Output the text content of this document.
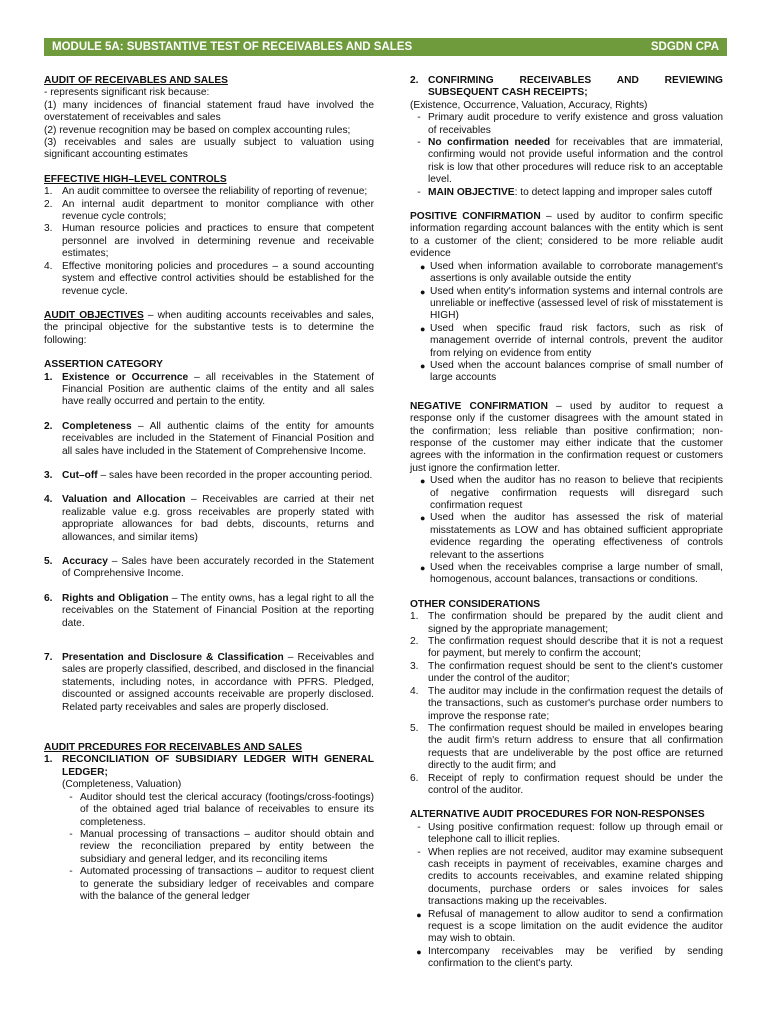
MODULE 5A: SUBSTANTIVE TEST OF RECEIVABLES AND SALES	SDGDN CPA

AUDIT OF RECEIVABLES AND SALES

- represents significant risk because:

(1) many incidences of financial statement fraud have involved the overstatement of receivables and sales

(2) revenue recognition may be based on complex accounting rules;

(3) receivables and sales are usually subject to valuation using significant accounting estimates

EFFECTIVE HIGH–LEVEL CONTROLS

1. An audit committee to oversee the reliability of reporting of revenue;
2. An internal audit department to monitor compliance with other revenue cycle controls;
3. Human resource policies and practices to ensure that competent personnel are involved in determining revenue and receivable estimates;
4. Effective monitoring policies and procedures – a sound accounting system and effective control activities should be established for the revenue cycle.

AUDIT OBJECTIVES – when auditing accounts receivables and sales, the principal objective for the substantive tests is to determine the following:

ASSERTION CATEGORY

1. Existence or Occurrence – all receivables in the Statement of Financial Position are authentic claims of the entity and all sales have really occurred and pertain to the entity.
2. Completeness – All authentic claims of the entity for amounts receivables are included in the Statement of Financial Position and all sales have included in the Statement of Comprehensive Income.
3. Cut–off – sales have been recorded in the proper accounting period.
4. Valuation and Allocation – Receivables are carried at their net realizable value e.g. gross receivables are properly stated with appropriate allowances for bad debts, discounts, returns and allowances, and similar items)
5. Accuracy – Sales have been accurately recorded in the Statement of Comprehensive Income.
6. Rights and Obligation – The entity owns, has a legal right to all the receivables on the Statement of Financial Position at the reporting date.
7. Presentation and Disclosure & Classification – Receivables and sales are properly classified, described, and disclosed in the financial statements, including notes, in accordance with PFRS. Pledged, discounted or assigned accounts receivable are properly disclosed. Related party receivables and sales are properly disclosed.

AUDIT PRCEDURES FOR RECEIVABLES AND SALES

1. RECONCILIATION OF SUBSIDIARY LEDGER WITH GENERAL LEDGER;

(Completeness, Valuation)

- Auditor should test the clerical accuracy (footings/cross-footings) of the obtained aged trial balance of receivables to ensure its completeness.
- Manual processing of transactions – auditor should obtain and review the reconciliation prepared by entity between the subsidiary and general ledger, and its reconciling items
- Automated processing of transactions – auditor to request client to generate the subsidiary ledger of receivables and compare with the balance of the general ledger
2. CONFIRMING RECEIVABLES AND REVIEWING SUBSEQUENT CASH RECEIPTS;

(Existence, Occurrence, Valuation, Accuracy, Rights)

- Primary audit procedure to verify existence and gross valuation of receivables
- No confirmation needed for receivables that are immaterial, confirming would not provide useful information and the control risk is low that other procedures will reduce risk to an acceptable level.
- MAIN OBJECTIVE: to detect lapping and improper sales cutoff

POSITIVE CONFIRMATION – used by auditor to confirm specific information regarding account balances with the entity which is sent to a customer of the client; considered to be more reliable audit evidence

● Used when information available to corroborate management's assertions is only available outside the entity
● Used when entity's information systems and internal controls are unreliable or ineffective (assessed level of risk of misstatement is HIGH)
● Used when specific fraud risk factors, such as risk of management override of internal controls, prevent the auditor from relying on evidence from entity
● Used when the account balances comprise of small number of large accounts

NEGATIVE CONFIRMATION – used by auditor to request a response only if the customer disagrees with the amount stated in the confirmation; less reliable than positive confirmation; non-response of the customer may either indicate that the customer agrees with the information in the confirmation request or customers just ignore the confirmation letter.

● Used when the auditor has no reason to believe that recipients of negative confirmation requests will disregard such confirmation request
● Used when the auditor has assessed the risk of material misstatements as LOW and has obtained sufficient appropriate evidence regarding the operating effectiveness of controls relevant to the assertions
● Used when the receivables comprise a large number of small, homogenous, account balances, transactions or conditions.

OTHER CONSIDERATIONS

1. The confirmation should be prepared by the audit client and signed by the appropriate management;
2. The confirmation request should describe that it is not a request for payment, but merely to confirm the account;
3. The confirmation request should be sent to the client's customer under the control of the auditor;
4. The auditor may include in the confirmation request the details of the transactions, such as customer's purchase order numbers to improve the response rate;
5. The confirmation request should be mailed in envelopes bearing the audit firm's return address to ensure that all confirmation requests that are undeliverable by the post office are returned directly to the audit firm; and
6. Receipt of reply to confirmation request should be under the control of the auditor.

ALTERNATIVE AUDIT PROCEDURES FOR NON-RESPONSES

- Using positive confirmation request: follow up through email or telephone call to illicit replies.
- When replies are not received, auditor may examine subsequent cash receipts in payment of receivables, examine charges and credits to accounts receivables, and examine related shipping documents, purchase orders or sales invoices for sales transactions making up the receivables.
● Refusal of management to allow auditor to send a confirmation request is a scope limitation on the audit evidence the auditor may wish to obtain.
● Intercompany receivables may be verified by sending confirmation to the client's party.
